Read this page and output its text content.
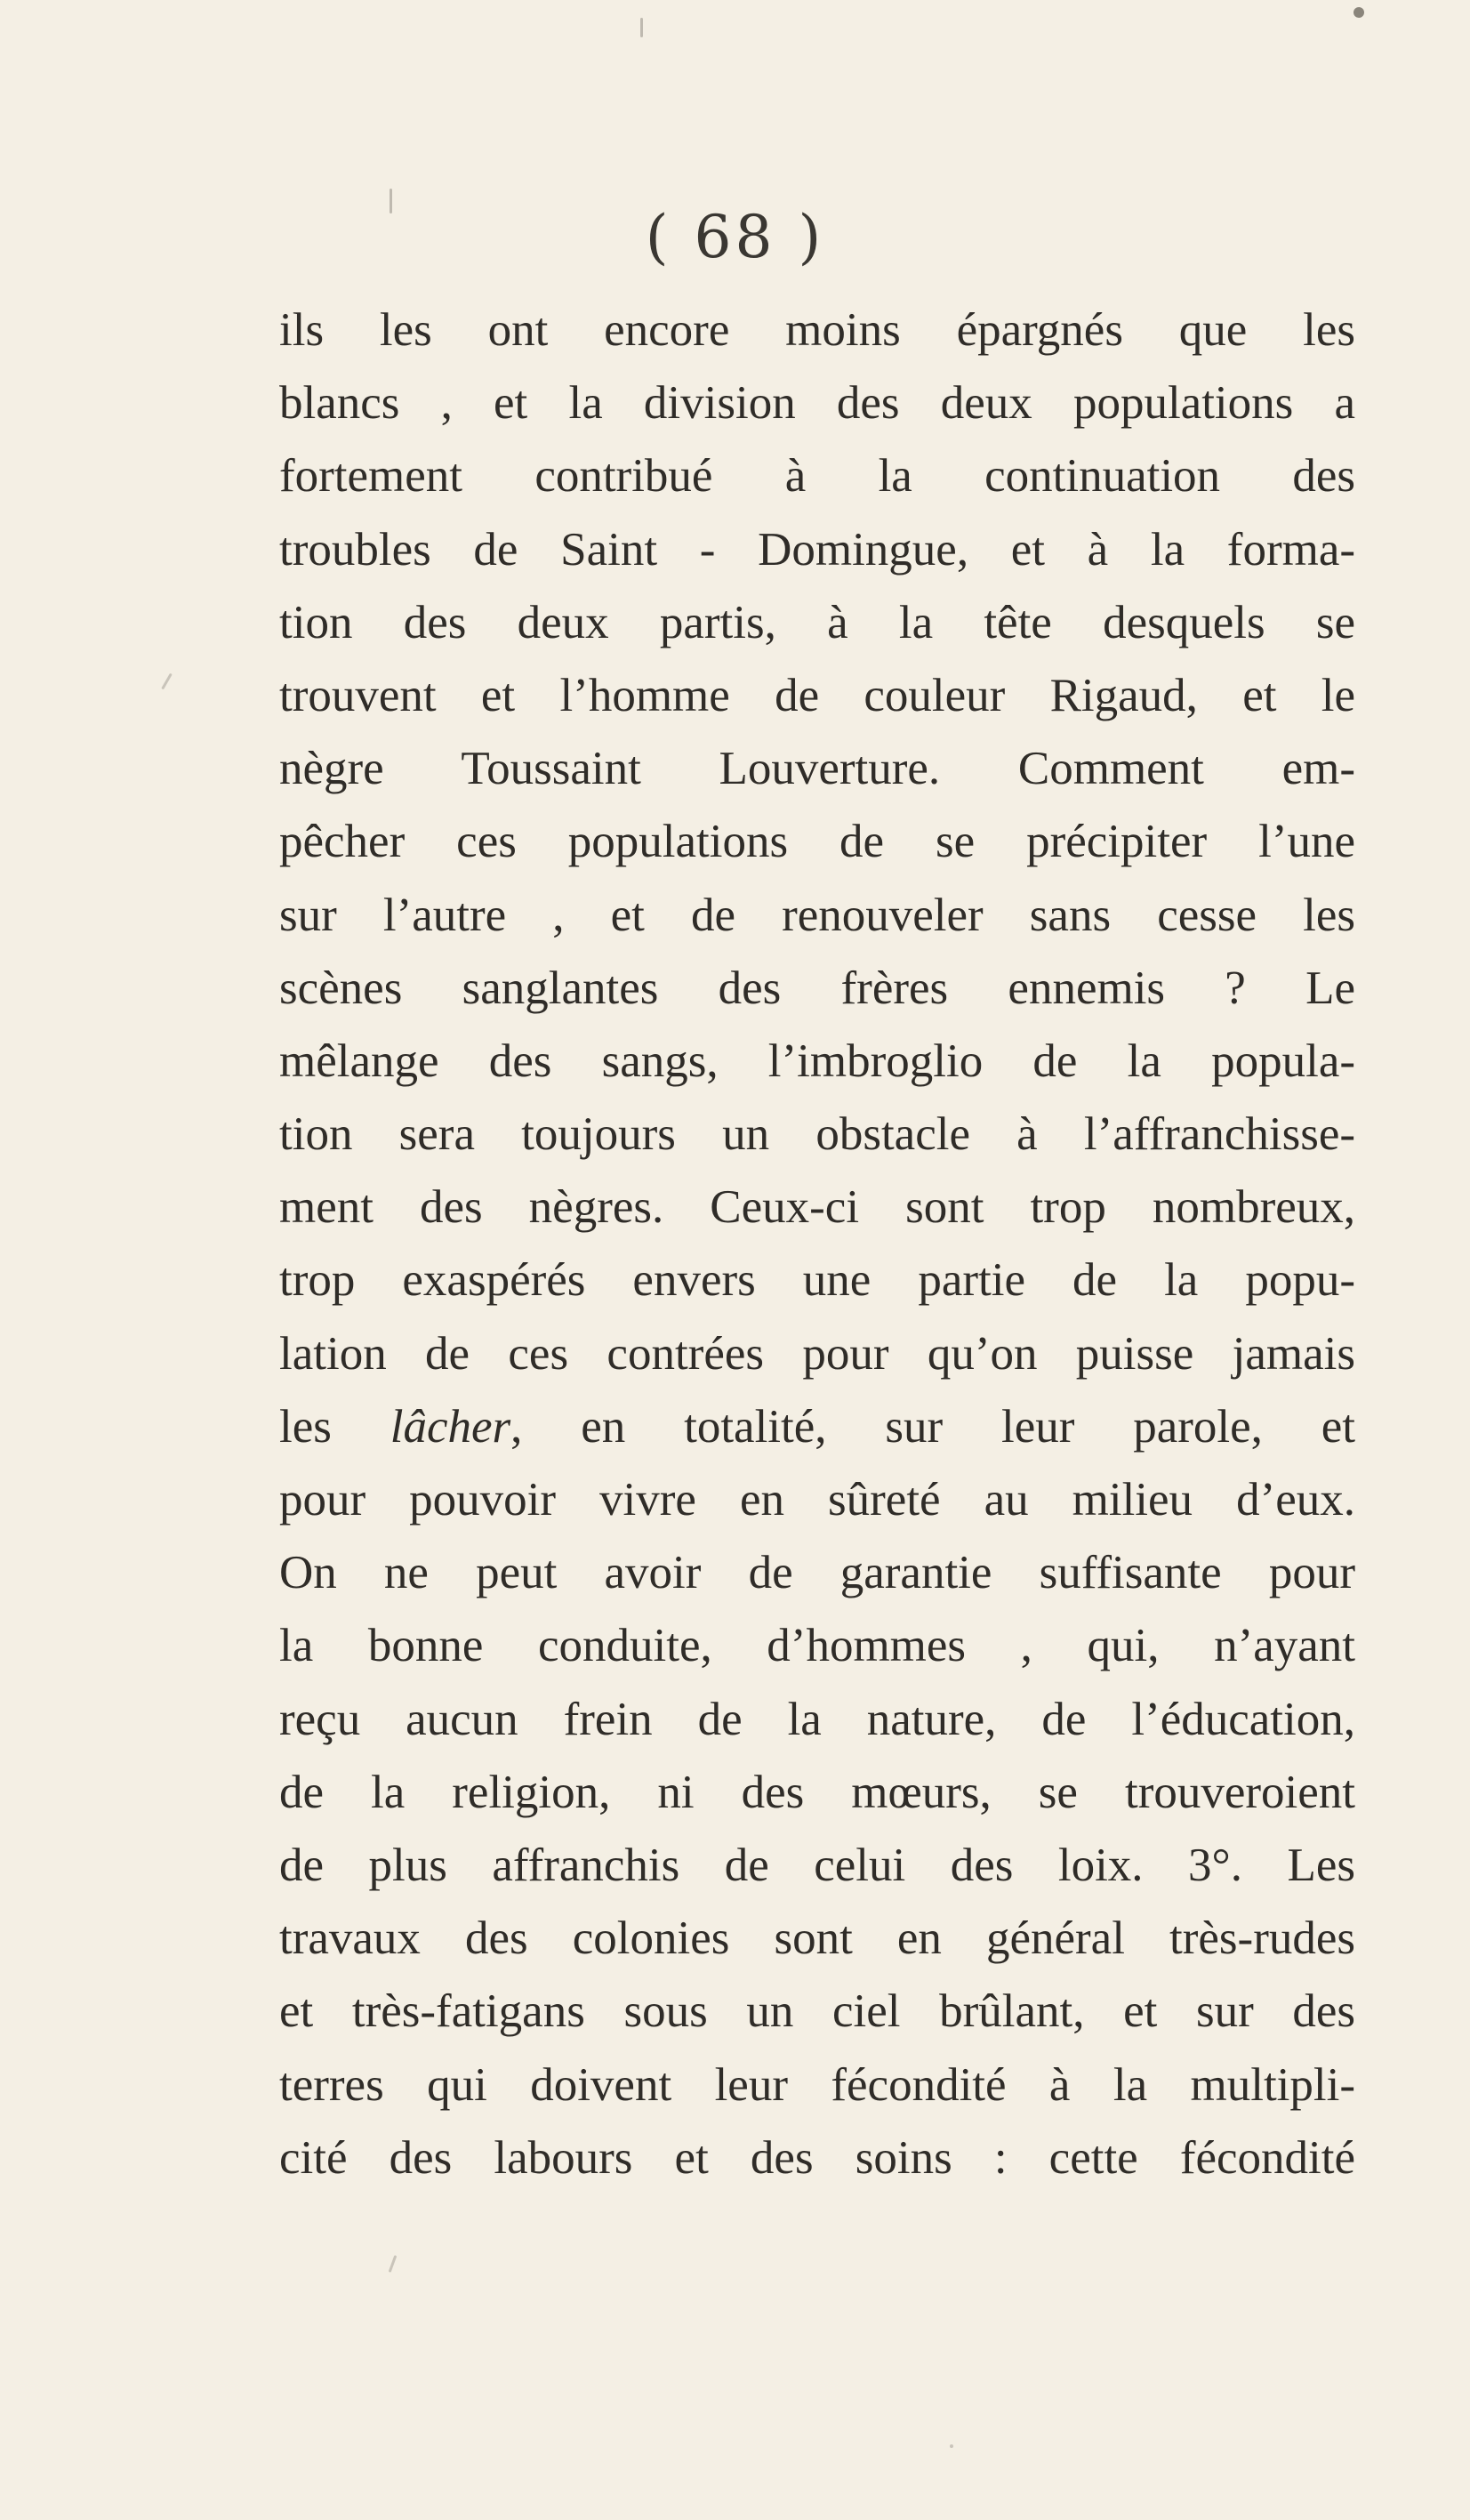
( 68 )
ils les ont encore moins épargnés que les
blancs , et la division des deux populations a
fortement contribué à la continuation des
troubles de Saint - Domingue, et à la forma-
tion des deux partis, à la tête desquels se
trouvent et l’homme de couleur Rigaud, et le
nègre Toussaint Louverture. Comment em-
pêcher ces populations de se précipiter l’une
sur l’autre , et de renouveler sans cesse les
scènes sanglantes des frères ennemis ? Le
mêlange des sangs, l’imbroglio de la popula-
tion sera toujours un obstacle à l’affranchisse-
ment des nègres. Ceux-ci sont trop nombreux,
trop exaspérés envers une partie de la popu-
lation de ces contrées pour qu’on puisse jamais
les lâcher, en totalité, sur leur parole, et
pour pouvoir vivre en sûreté au milieu d’eux.
On ne peut avoir de garantie suffisante pour
la bonne conduite, d’hommes , qui, n’ayant
reçu aucun frein de la nature, de l’éducation,
de la religion, ni des mœurs, se trouveroient
de plus affranchis de celui des loix. 3°. Les
travaux des colonies sont en général très-rudes
et très-fatigans sous un ciel brûlant, et sur des
terres qui doivent leur fécondité à la multipli-
cité des labours et des soins : cette fécondité
